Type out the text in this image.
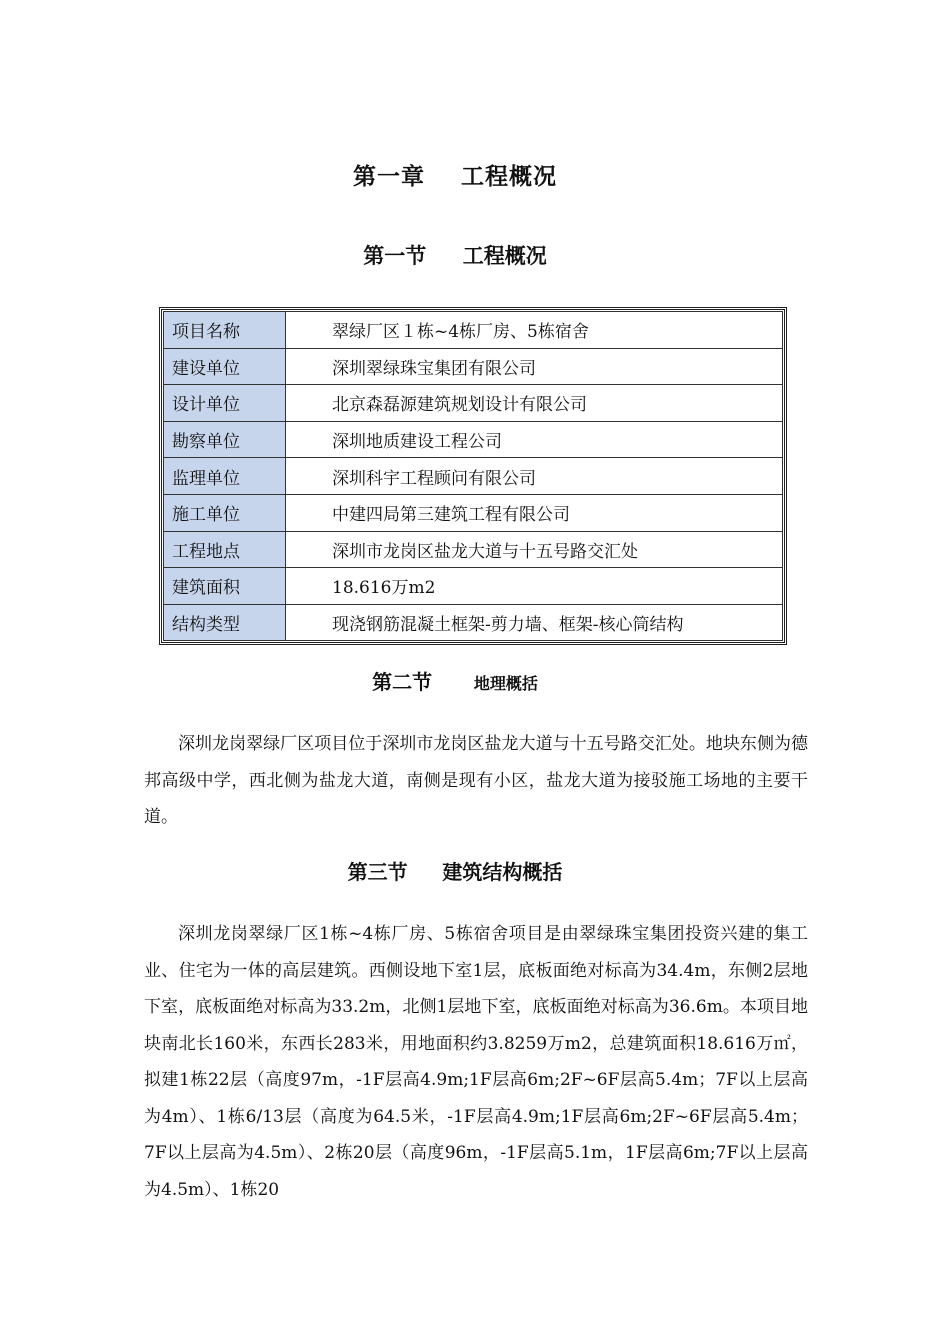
第一章    工程概况
第一节     工程概况
项目名称	翠绿厂区１栋~4栋厂房、5栋宿舍
建设单位	深圳翠绿珠宝集团有限公司
设计单位	北京森磊源建筑规划设计有限公司
勘察单位	深圳地质建设工程公司
监理单位	深圳科宇工程顾问有限公司
施工单位	中建四局第三建筑工程有限公司
工程地点	深圳市龙岗区盐龙大道与十五号路交汇处
建筑面积	18.616万m2
结构类型	现浇钢筋混凝土框架-剪力墙、框架-核心筒结构
第二节	地理概括

深圳龙岗翠绿厂区项目位于深圳市龙岗区盐龙大道与十五号路交汇处。地块东侧为德邦高级中学，西北侧为盐龙大道，南侧是现有小区，盐龙大道为接驳施工场地的主要干道。

第三节     建筑结构概括

深圳龙岗翠绿厂区1栋~4栋厂房、5栋宿舍项目是由翠绿珠宝集团投资兴建的集工业、住宅为一体的高层建筑。西侧设地下室1层，底板面绝对标高为34.4m，东侧2层地下室，底板面绝对标高为33.2m，北侧1层地下室，底板面绝对标高为36.6m。本项目地块南北长160米，东西长283米，用地面积约3.8259万m2，总建筑面积18.616万㎡，拟建1栋22层（高度97m，-1F层高4.9m;1F层高6m;2F~6F层高5.4m；7F以上层高为4m）、1栋6/13层（高度为64.5米，-1F层高4.9m;1F层高6m;2F~6F层高5.4m；7F以上层高为4.5m）、2栋20层（高度96m，-1F层高5.1m，1F层高6m;7F以上层高为4.5m）、1栋20
